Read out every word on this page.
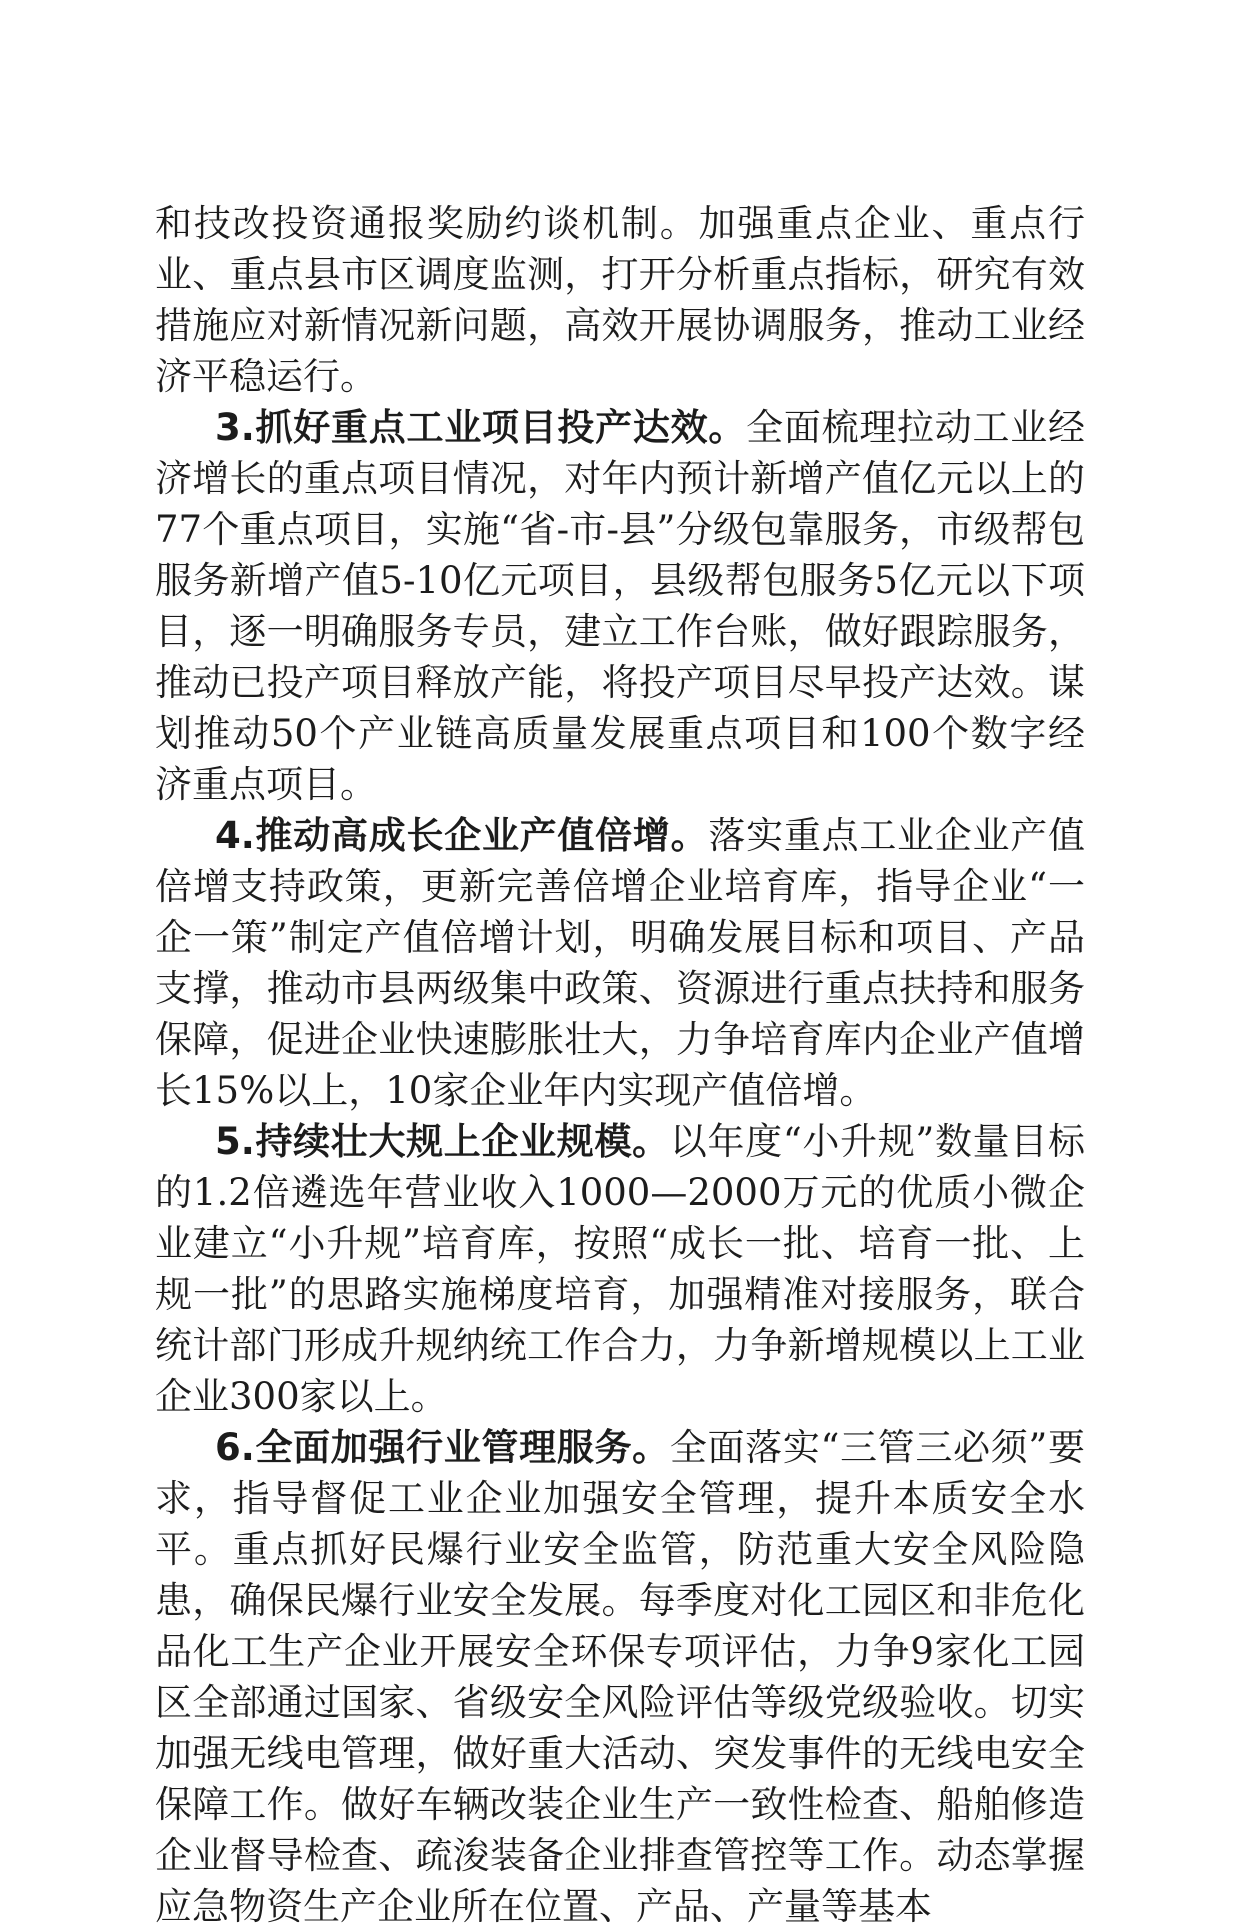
和技改投资通报奖励约谈机制。加强重点企业、重点行业、重点县市区调度监测，打开分析重点指标，研究有效措施应对新情况新问题，高效开展协调服务，推动工业经济平稳运行。

3.抓好重点工业项目投产达效。全面梳理拉动工业经济增长的重点项目情况，对年内预计新增产值亿元以上的77个重点项目，实施“省-市-县”分级包靠服务，市级帮包服务新增产值5-10亿元项目，县级帮包服务5亿元以下项目，逐一明确服务专员，建立工作台账，做好跟踪服务，推动已投产项目释放产能，将投产项目尽早投产达效。谋划推动50个产业链高质量发展重点项目和100个数字经济重点项目。

4.推动高成长企业产值倍增。落实重点工业企业产值倍增支持政策，更新完善倍增企业培育库，指导企业“一企一策”制定产值倍增计划，明确发展目标和项目、产品支撑，推动市县两级集中政策、资源进行重点扶持和服务保障，促进企业快速膨胀壮大，力争培育库内企业产值增长15%以上，10家企业年内实现产值倍增。

5.持续壮大规上企业规模。以年度“小升规”数量目标的1.2倍遴选年营业收入1000—2000万元的优质小微企业建立“小升规”培育库，按照“成长一批、培育一批、上规一批”的思路实施梯度培育，加强精准对接服务，联合统计部门形成升规纳统工作合力，力争新增规模以上工业企业300家以上。

6.全面加强行业管理服务。全面落实“三管三必须”要求，指导督促工业企业加强安全管理，提升本质安全水平。重点抓好民爆行业安全监管，防范重大安全风险隐患，确保民爆行业安全发展。每季度对化工园区和非危化品化工生产企业开展安全环保专项评估，力争9家化工园区全部通过国家、省级安全风险评估等级党级验收。切实加强无线电管理，做好重大活动、突发事件的无线电安全保障工作。做好车辆改装企业生产一致性检查、船舶修造企业督导检查、疏浚装备企业排查管控等工作。动态掌握应急物资生产企业所在位置、产品、产量等基本
